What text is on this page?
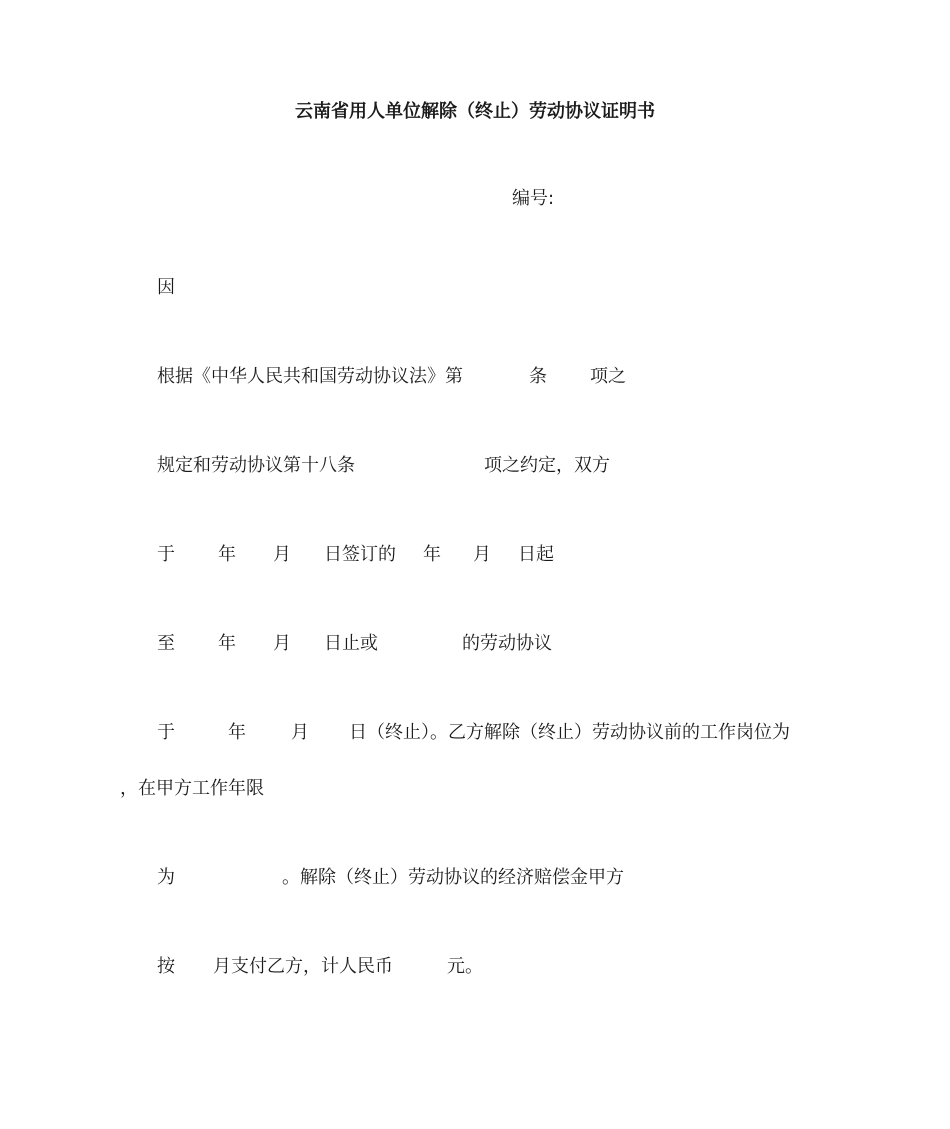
云南省用人单位解除（终止）劳动协议证明书
编号:
因
根据《中华人民共和国劳动协议法》第	条 项之
规定和劳动协议第十八条	项之约定，双方
于 年 月 日签订的 年 月 日起
至 年 月 日止或	的劳动协议
于	年	月 日（终止）。乙方解除（终止）劳动协议前的工作岗位为
，在甲方工作年限
为	。解除（终止）劳动协议的经济赔偿金甲方
按 月支付乙方，计人民币	元。
